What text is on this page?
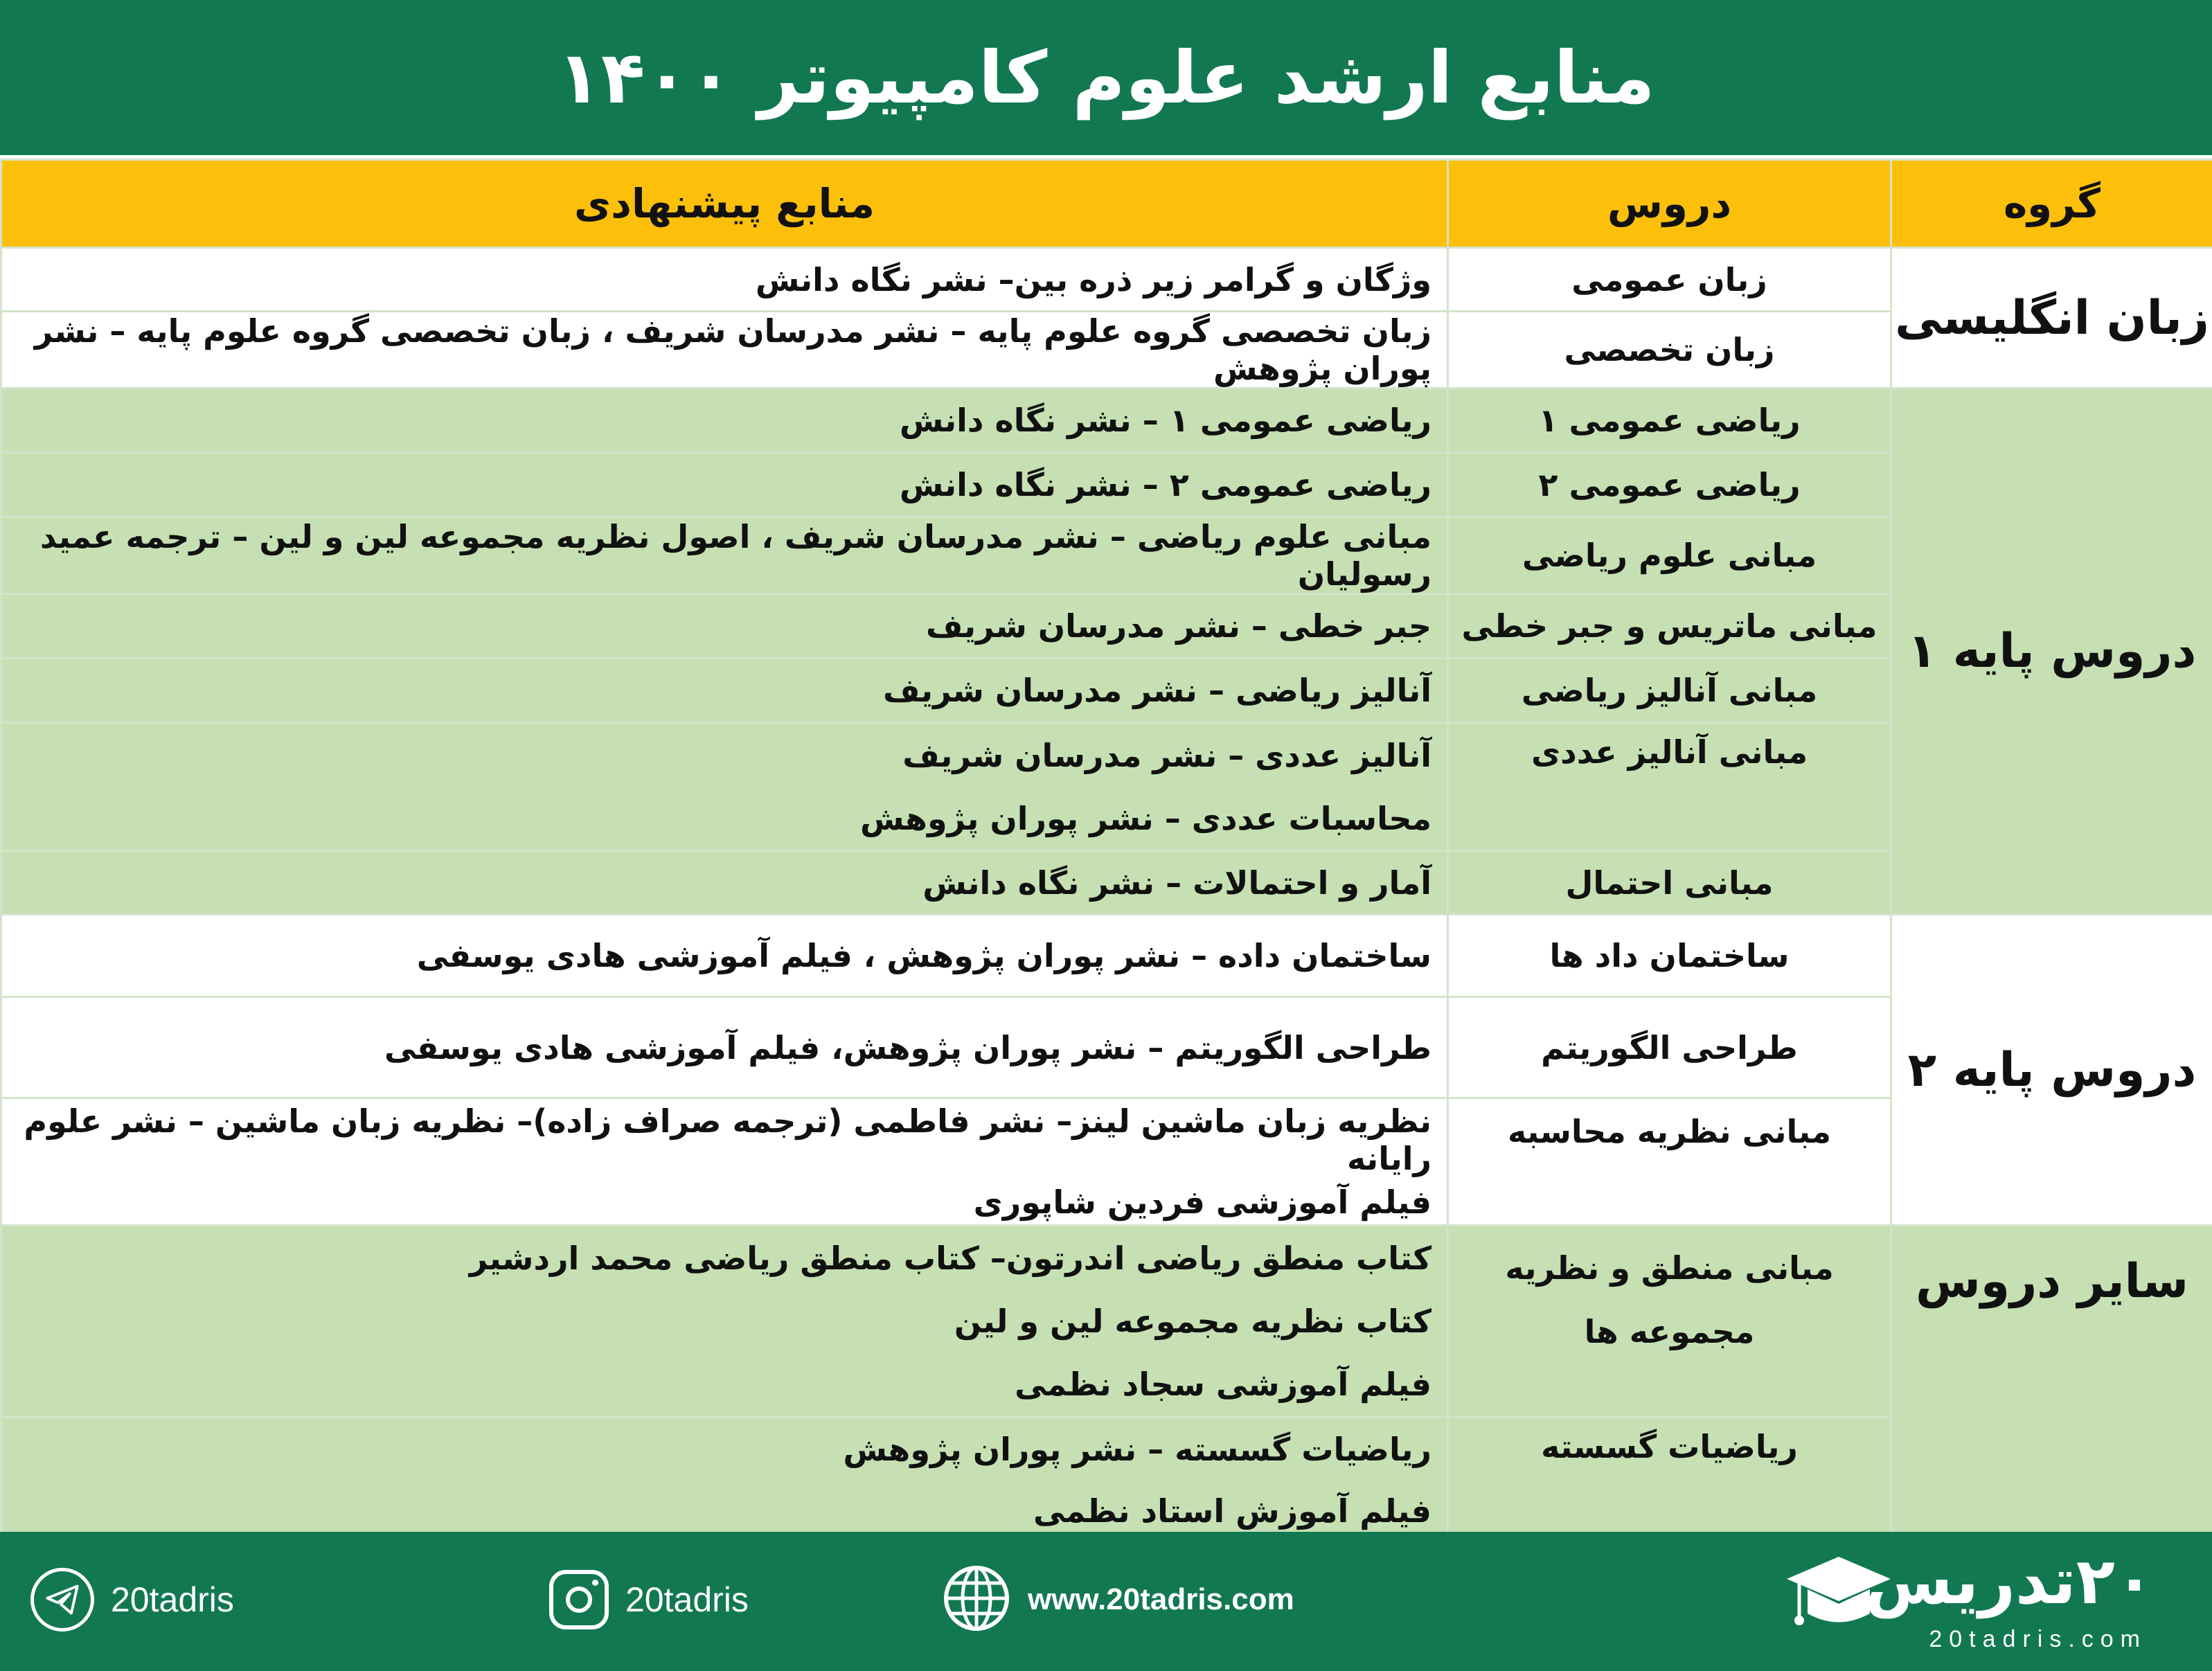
منابع ارشد علوم کامپیوتر ۱۴۰۰
گروه	دروس	منابع پیشنهادی
زبان انگلیسی	زبان عمومی	وژگان و گرامر زیر ذره بین– نشر نگاه دانش
	زبان تخصصی	زبان تخصصی گروه علوم پایه – نشر مدرسان شریف ، زبان تخصصی گروه علوم پایه – نشر پوران پژوهش
دروس پایه ۱	ریاضی عمومی ۱	ریاضی عمومی ۱ – نشر نگاه دانش
	ریاضی عمومی ۲	ریاضی عمومی ۲ – نشر نگاه دانش
	مبانی علوم ریاضی	مبانی علوم ریاضی – نشر مدرسان شریف ، اصول نظریه مجموعه لین و لین – ترجمه عمید رسولیان
	مبانی ماتریس و جبر خطی	جبر خطی – نشر مدرسان شریف
	مبانی آنالیز ریاضی	آنالیز ریاضی – نشر مدرسان شریف
	مبانی آنالیز عددی	آنالیز عددی – نشر مدرسان شریف
محاسبات عددی – نشر پوران پژوهش

	مبانی احتمال	آمار و احتمالات – نشر نگاه دانش
دروس پایه ۲	ساختمان داد ها	ساختمان داده – نشر پوران پژوهش ، فیلم آموزشی هادی یوسفی
	طراحی الگوریتم	طراحی الگوریتم – نشر پوران پژوهش، فیلم آموزشی هادی یوسفی
	مبانی نظریه محاسبه	نظریه زبان ماشین لینز– نشر فاطمی (ترجمه صراف زاده)– نظریه زبان ماشین – نشر علوم رایانه
فیلم آموزشی فردین شاپوری

سایر دروس	مبانی منطق و نظریه مجموعه ها	کتاب منطق ریاضی اندرتون– کتاب منطق ریاضی محمد اردشیر
کتاب نظریه مجموعه لین و لین
فیلم آموزشی سجاد نظمی

	ریاضیات گسسته	ریاضیات گسسته – نشر پوران پژوهش
فیلم آموزش استاد نظمی
20tadris	20tadris	www.20tadris.com	۲۰تدریس
20tadris.com
